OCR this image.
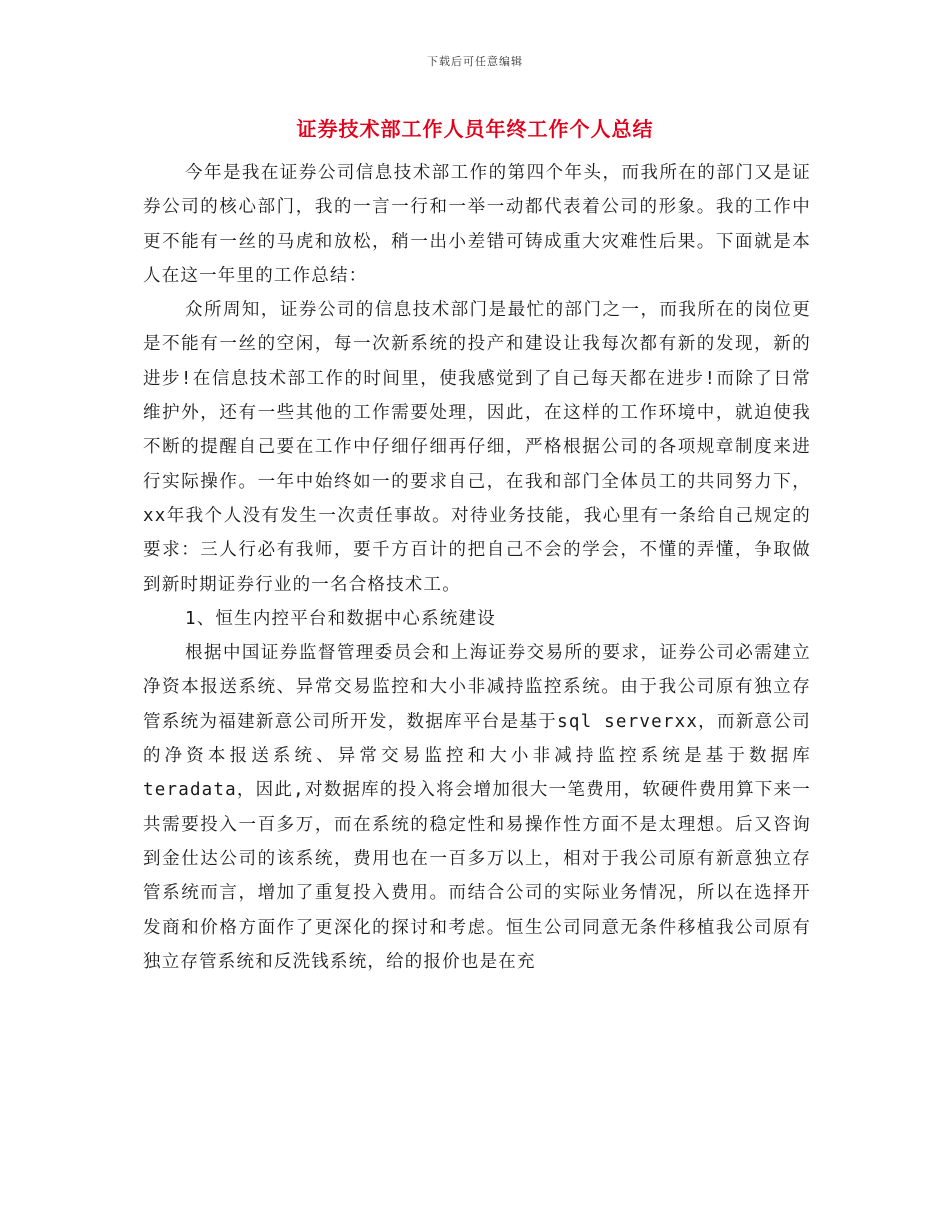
下载后可任意编辑
证券技术部工作人员年终工作个人总结

今年是我在证券公司信息技术部工作的第四个年头，而我所在的部门又是证券公司的核心部门，我的一言一行和一举一动都代表着公司的形象。我的工作中更不能有一丝的马虎和放松，稍一出小差错可铸成重大灾难性后果。下面就是本人在这一年里的工作总结：

众所周知，证券公司的信息技术部门是最忙的部门之一，而我所在的岗位更是不能有一丝的空闲，每一次新系统的投产和建设让我每次都有新的发现，新的进步!在信息技术部工作的时间里，使我感觉到了自己每天都在进步!而除了日常维护外，还有一些其他的工作需要处理，因此，在这样的工作环境中，就迫使我不断的提醒自己要在工作中仔细仔细再仔细，严格根据公司的各项规章制度来进行实际操作。一年中始终如一的要求自己，在我和部门全体员工的共同努力下，xx年我个人没有发生一次责任事故。对待业务技能，我心里有一条给自己规定的要求：三人行必有我师，要千方百计的把自己不会的学会，不懂的弄懂，争取做到新时期证券行业的一名合格技术工。

1、恒生内控平台和数据中心系统建设

根据中国证券监督管理委员会和上海证券交易所的要求，证券公司必需建立净资本报送系统、异常交易监控和大小非减持监控系统。由于我公司原有独立存管系统为福建新意公司所开发，数据库平台是基于sql serverxx，而新意公司的净资本报送系统、异常交易监控和大小非减持监控系统是基于数据库teradata，因此,对数据库的投入将会增加很大一笔费用，软硬件费用算下来一共需要投入一百多万，而在系统的稳定性和易操作性方面不是太理想。后又咨询到金仕达公司的该系统，费用也在一百多万以上，相对于我公司原有新意独立存管系统而言，增加了重复投入费用。而结合公司的实际业务情况，所以在选择开发商和价格方面作了更深化的探讨和考虑。恒生公司同意无条件移植我公司原有独立存管系统和反洗钱系统，给的报价也是在充
